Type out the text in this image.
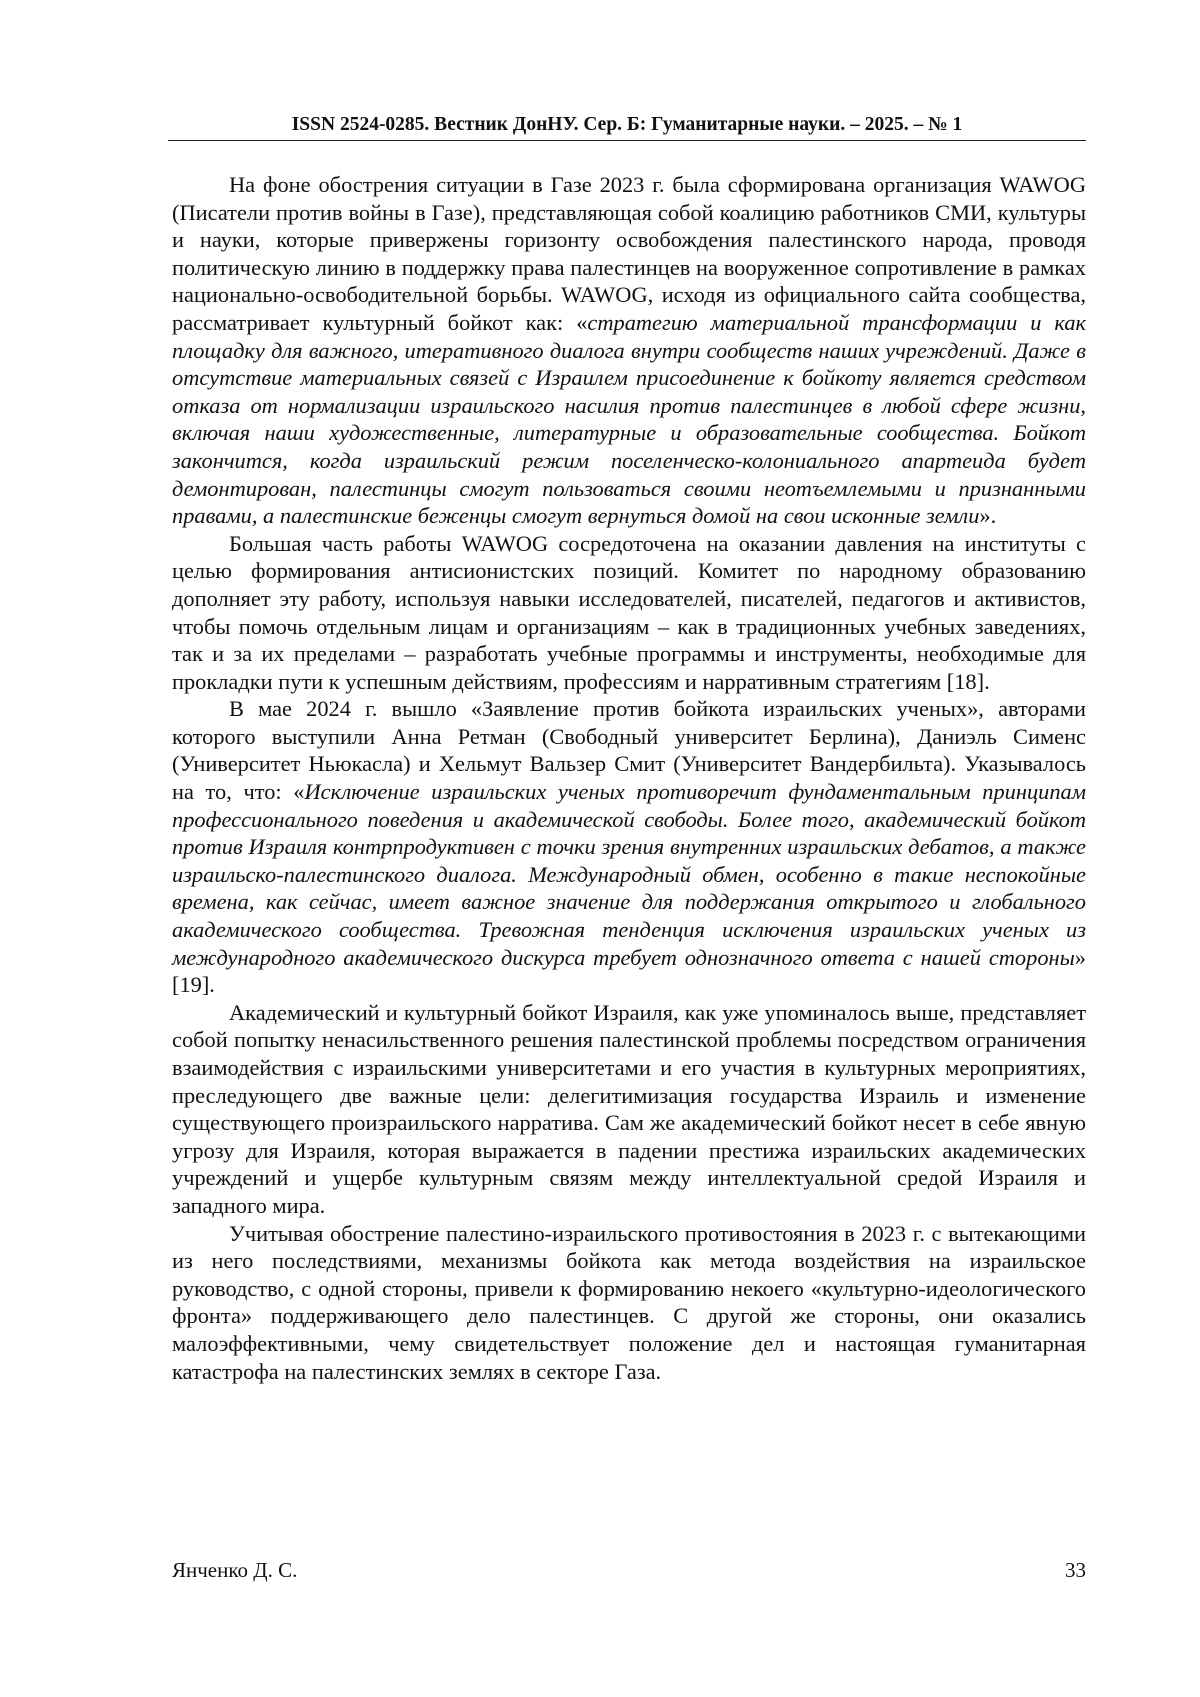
ISSN 2524-0285. Вестник ДонНУ. Сер. Б: Гуманитарные науки. – 2025. – № 1

На фоне обострения ситуации в Газе 2023 г. была сформирована организация WAWOG (Писатели против войны в Газе), представляющая собой коалицию работников СМИ, культуры и науки, которые привержены горизонту освобождения палестинского народа, проводя политическую линию в поддержку права палестинцев на вооруженное сопротивление в рамках национально-освободительной борьбы. WAWOG, исходя из официального сайта сообщества, рассматривает культурный бойкот как: «стратегию материальной трансформации и как площадку для важного, итеративного диалога внутри сообществ наших учреждений. Даже в отсутствие материальных связей с Израилем присоединение к бойкоту является средством отказа от нормализации израильского насилия против палестинцев в любой сфере жизни, включая наши художественные, литературные и образовательные сообщества. Бойкот закончится, когда израильский режим поселенческо-колониального апартеида будет демонтирован, палестинцы смогут пользоваться своими неотъемлемыми и признанными правами, а палестинские беженцы смогут вернуться домой на свои исконные земли».

Большая часть работы WAWOG сосредоточена на оказании давления на институты с целью формирования антисионистских позиций. Комитет по народному образованию дополняет эту работу, используя навыки исследователей, писателей, педагогов и активистов, чтобы помочь отдельным лицам и организациям – как в традиционных учебных заведениях, так и за их пределами – разработать учебные программы и инструменты, необходимые для прокладки пути к успешным действиям, профессиям и нарративным стратегиям [18].

В мае 2024 г. вышло «Заявление против бойкота израильских ученых», авторами которого выступили Анна Ретман (Свободный университет Берлина), Даниэль Сименс (Университет Ньюкасла) и Хельмут Вальзер Смит (Университет Вандербильта). Указывалось на то, что: «Исключение израильских ученых противоречит фундаментальным принципам профессионального поведения и академической свободы. Более того, академический бойкот против Израиля контрпродуктивен с точки зрения внутренних израильских дебатов, а также израильско-палестинского диалога. Международный обмен, особенно в такие неспокойные времена, как сейчас, имеет важное значение для поддержания открытого и глобального академического сообщества. Тревожная тенденция исключения израильских ученых из международного академического дискурса требует однозначного ответа с нашей стороны» [19].

Академический и культурный бойкот Израиля, как уже упоминалось выше, представляет собой попытку ненасильственного решения палестинской проблемы посредством ограничения взаимодействия с израильскими университетами и его участия в культурных мероприятиях, преследующего две важные цели: делегитимизация государства Израиль и изменение существующего произраильского нарратива. Сам же академический бойкот несет в себе явную угрозу для Израиля, которая выражается в падении престижа израильских академических учреждений и ущербе культурным связям между интеллектуальной средой Израиля и западного мира.

Учитывая обострение палестино-израильского противостояния в 2023 г. с вытекающими из него последствиями, механизмы бойкота как метода воздействия на израильское руководство, с одной стороны, привели к формированию некоего «культурно-идеологического фронта» поддерживающего дело палестинцев. С другой же стороны, они оказались малоэффективными, чему свидетельствует положение дел и настоящая гуманитарная катастрофа на палестинских землях в секторе Газа.

Янченко Д. С.	33
